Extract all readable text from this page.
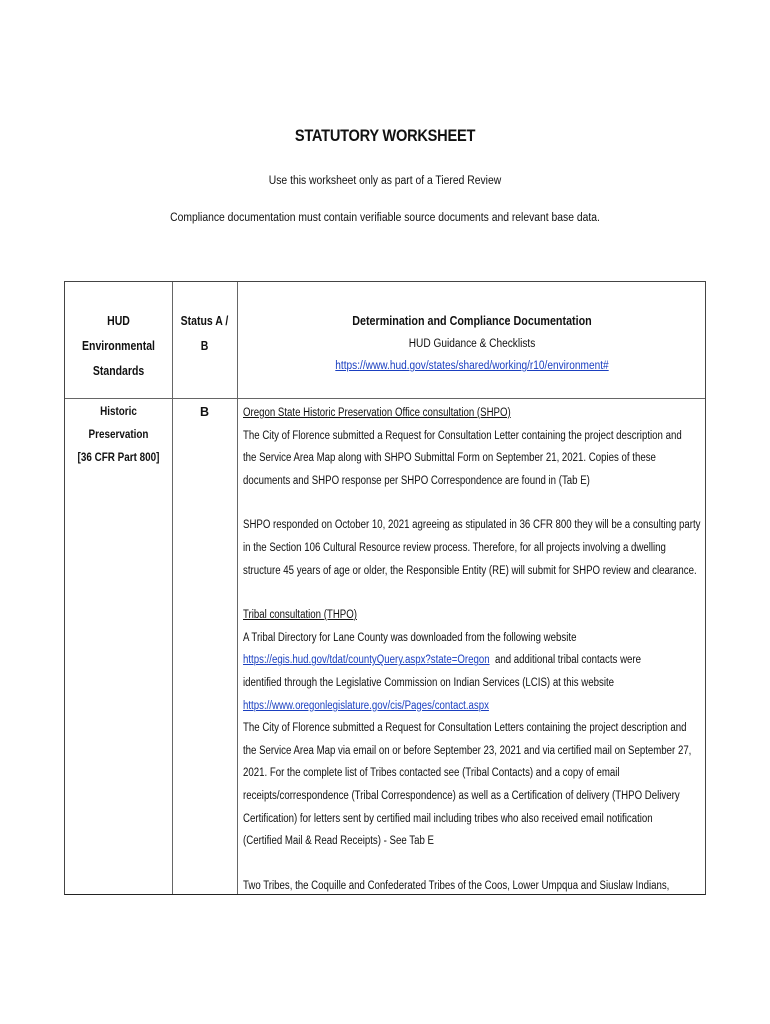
STATUTORY WORKSHEET
Use this worksheet only as part of a Tiered Review
Compliance documentation must contain verifiable source documents and relevant base data.
HUD Environmental Standards
Status A /
B
Determination and Compliance Documentation
HUD Guidance & Checklists
https://www.hud.gov/states/shared/working/r10/environment#
Historic Preservation
[36 CFR Part 800]
B	Oregon State Historic Preservation Office consultation (SHPO)

The City of Florence submitted a Request for Consultation Letter containing the project description and

the Service Area Map along with SHPO Submittal Form on September 21, 2021. Copies of these

documents and SHPO response per SHPO Correspondence are found in (Tab E)

SHPO responded on October 10, 2021 agreeing as stipulated in 36 CFR 800 they will be a consulting party

in the Section 106 Cultural Resource review process. Therefore, for all projects involving a dwelling

structure 45 years of age or older, the Responsible Entity (RE) will submit for SHPO review and clearance.

Tribal consultation (THPO)

A Tribal Directory for Lane County was downloaded from the following website

https://egis.hud.gov/tdat/countyQuery.aspx?state=Oregon and additional tribal contacts were

identified through the Legislative Commission on Indian Services (LCIS) at this website

https://www.oregonlegislature.gov/cis/Pages/contact.aspx

The City of Florence submitted a Request for Consultation Letters containing the project description and

the Service Area Map via email on or before September 23, 2021 and via certified mail on September 27,

2021. For the complete list of Tribes contacted see (Tribal Contacts) and a copy of email

receipts/correspondence (Tribal Correspondence) as well as a Certification of delivery (THPO Delivery

Certification) for letters sent by certified mail including tribes who also received email notification

(Certified Mail & Read Receipts) - See Tab E

Two Tribes, the Coquille and Confederated Tribes of the Coos, Lower Umpqua and Siuslaw Indians,
